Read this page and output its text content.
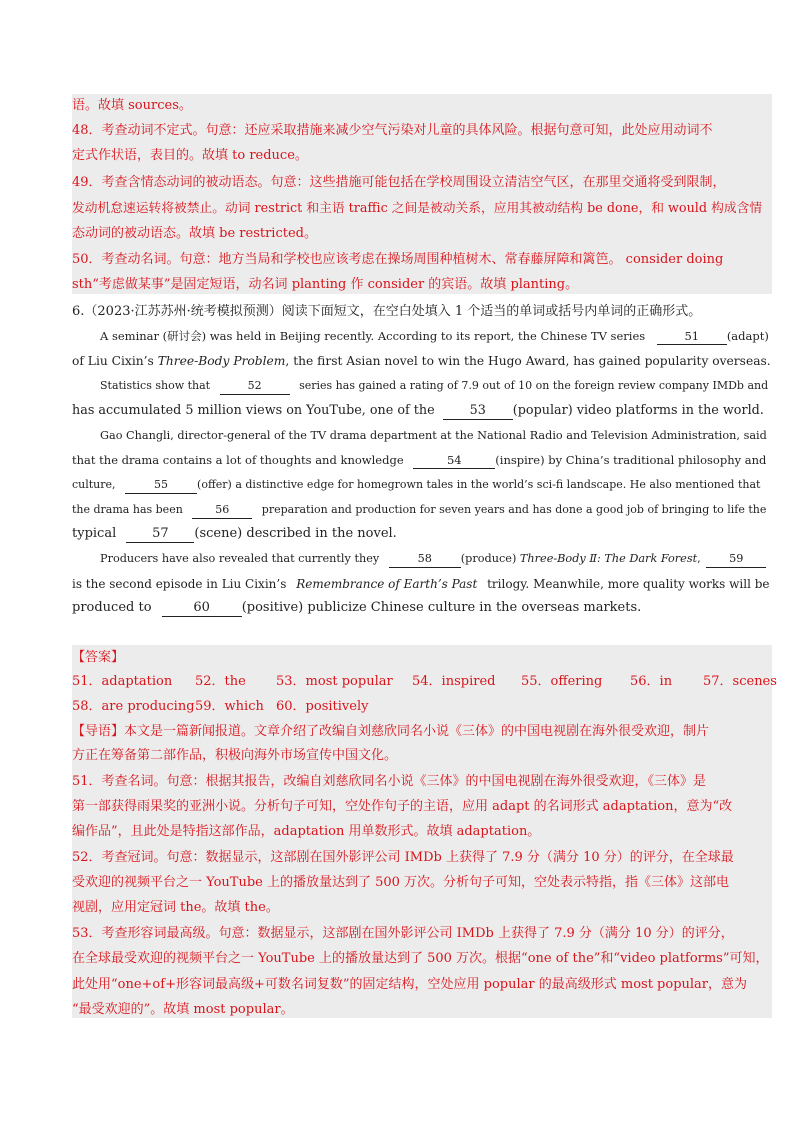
语。故填 sources。
48．考查动词不定式。句意：还应采取措施来减少空气污染对儿童的具体风险。根据句意可知，此处应用动词不
定式作状语，表目的。故填 to reduce。
49．考查含情态动词的被动语态。句意：这些措施可能包括在学校周围设立清洁空气区，在那里交通将受到限制，
发动机怠速运转将被禁止。动词 restrict 和主语 traffic 之间是被动关系，应用其被动结构 be done，和 would 构成含情
态动词的被动语态。故填 be restricted。
50．考查动名词。句意：地方当局和学校也应该考虑在操场周围种植树木、常春藤屏障和篱笆。 consider doing
sth“考虑做某事”是固定短语，动名词 planting 作 consider 的宾语。故填 planting。
6.（2023·江苏苏州·统考模拟预测）阅读下面短文，在空白处填入 1 个适当的单词或括号内单词的正确形式。
A seminar (研讨会) was held in Beijing recently. According to its report, the Chinese TV series	51 (adapt)
of Liu Cixin’s Three-Body Problem, the first Asian novel to win the Hugo Award, has gained popularity overseas.
Statistics show that	52	series has gained a rating of 7.9 out of 10 on the foreign review company IMDb and
has accumulated 5 million views on YouTube, one of the	53 (popular) video platforms in the world.
Gao Changli, director-general of the TV drama department at the National Radio and Television Administration, said
that the drama contains a lot of thoughts and knowledge	54	(inspire) by China’s traditional philosophy and
culture,	55	(offer) a distinctive edge for homegrown tales in the world’s sci-fi landscape. He also mentioned that
the drama has been	56	preparation and production for seven years and has done a good job of bringing to life the
typical	57 (scene) described in the novel.
Producers have also revealed that currently they	58	(produce) Three-Body Ⅱ: The Dark Forest,	59
is the second episode in Liu Cixin’s Remembrance of Earth’s Past trilogy. Meanwhile, more quality works will be
produced to	60 (positive) publicize Chinese culture in the overseas markets.
【答案】
51．adaptation 52．the 53．most popular 54．inspired 55．offering 56．in 57．scenes
58．are producing 59．which 60．positively
【导语】本文是一篇新闻报道。文章介绍了改编自刘慈欣同名小说《三体》的中国电视剧在海外很受欢迎，制片
方正在筹备第二部作品，积极向海外市场宣传中国文化。
51．考查名词。句意：根据其报告，改编自刘慈欣同名小说《三体》的中国电视剧在海外很受欢迎，《三体》是
第一部获得雨果奖的亚洲小说。分析句子可知，空处作句子的主语，应用 adapt 的名词形式 adaptation，意为“改
编作品”，且此处是特指这部作品，adaptation 用单数形式。故填 adaptation。
52．考查冠词。句意：数据显示，这部剧在国外影评公司 IMDb 上获得了 7.9 分（满分 10 分）的评分，在全球最
受欢迎的视频平台之一 YouTube 上的播放量达到了 500 万次。分析句子可知，空处表示特指，指《三体》这部电
视剧，应用定冠词 the。故填 the。
53．考查形容词最高级。句意：数据显示，这部剧在国外影评公司 IMDb 上获得了 7.9 分（满分 10 分）的评分，
在全球最受欢迎的视频平台之一 YouTube 上的播放量达到了 500 万次。根据“one of the”和“video platforms”可知，
此处用“one+of+形容词最高级+可数名词复数”的固定结构，空处应用 popular 的最高级形式 most popular，意为
“最受欢迎的”。故填 most popular。
